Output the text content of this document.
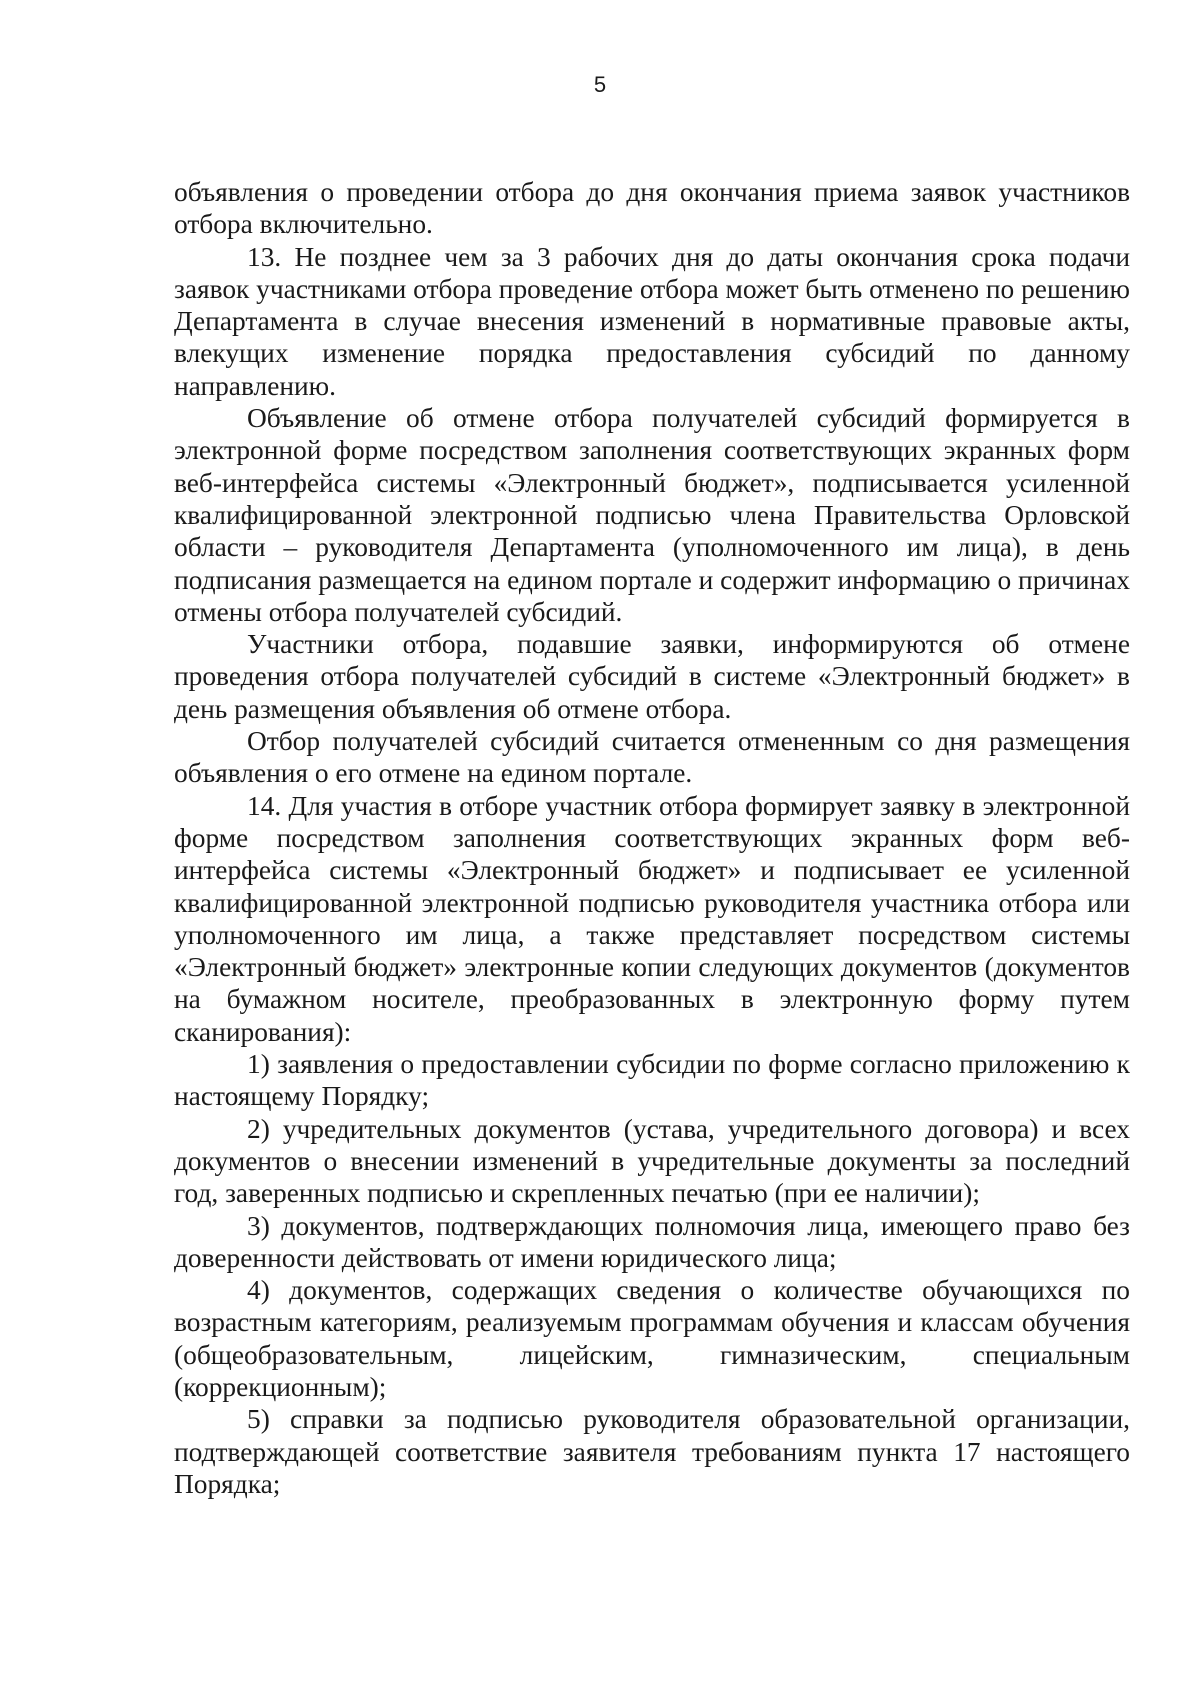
5

объявления о проведении отбора до дня окончания приема заявок участников отбора включительно.

13. Не позднее чем за 3 рабочих дня до даты окончания срока подачи заявок участниками отбора проведение отбора может быть отменено по решению Департамента в случае внесения изменений в нормативные правовые акты, влекущих изменение порядка предоставления субсидий по данному направлению.

Объявление об отмене отбора получателей субсидий формируется в электронной форме посредством заполнения соответствующих экранных форм веб-интерфейса системы «Электронный бюджет», подписывается усиленной квалифицированной электронной подписью члена Правительства Орловской области – руководителя Департамента (уполномоченного им лица), в день подписания размещается на едином портале и содержит информацию о причинах отмены отбора получателей субсидий.

Участники отбора, подавшие заявки, информируются об отмене проведения отбора получателей субсидий в системе «Электронный бюджет» в день размещения объявления об отмене отбора.

Отбор получателей субсидий считается отмененным со дня размещения объявления о его отмене на едином портале.

14. Для участия в отборе участник отбора формирует заявку в электронной форме посредством заполнения соответствующих экранных форм веб-интерфейса системы «Электронный бюджет» и подписывает ее усиленной квалифицированной электронной подписью руководителя участника отбора или уполномоченного им лица, а также представляет посредством системы «Электронный бюджет» электронные копии следующих документов (документов на бумажном носителе, преобразованных в электронную форму путем сканирования):

1) заявления о предоставлении субсидии по форме согласно приложению к настоящему Порядку;

2) учредительных документов (устава, учредительного договора) и всех документов о внесении изменений в учредительные документы за последний год, заверенных подписью и скрепленных печатью (при ее наличии);

3) документов, подтверждающих полномочия лица, имеющего право без доверенности действовать от имени юридического лица;

4) документов, содержащих сведения о количестве обучающихся по возрастным категориям, реализуемым программам обучения и классам обучения (общеобразовательным, лицейским, гимназическим, специальным (коррекционным);

5) справки за подписью руководителя образовательной организации, подтверждающей соответствие заявителя требованиям пункта 17 настоящего Порядка;
